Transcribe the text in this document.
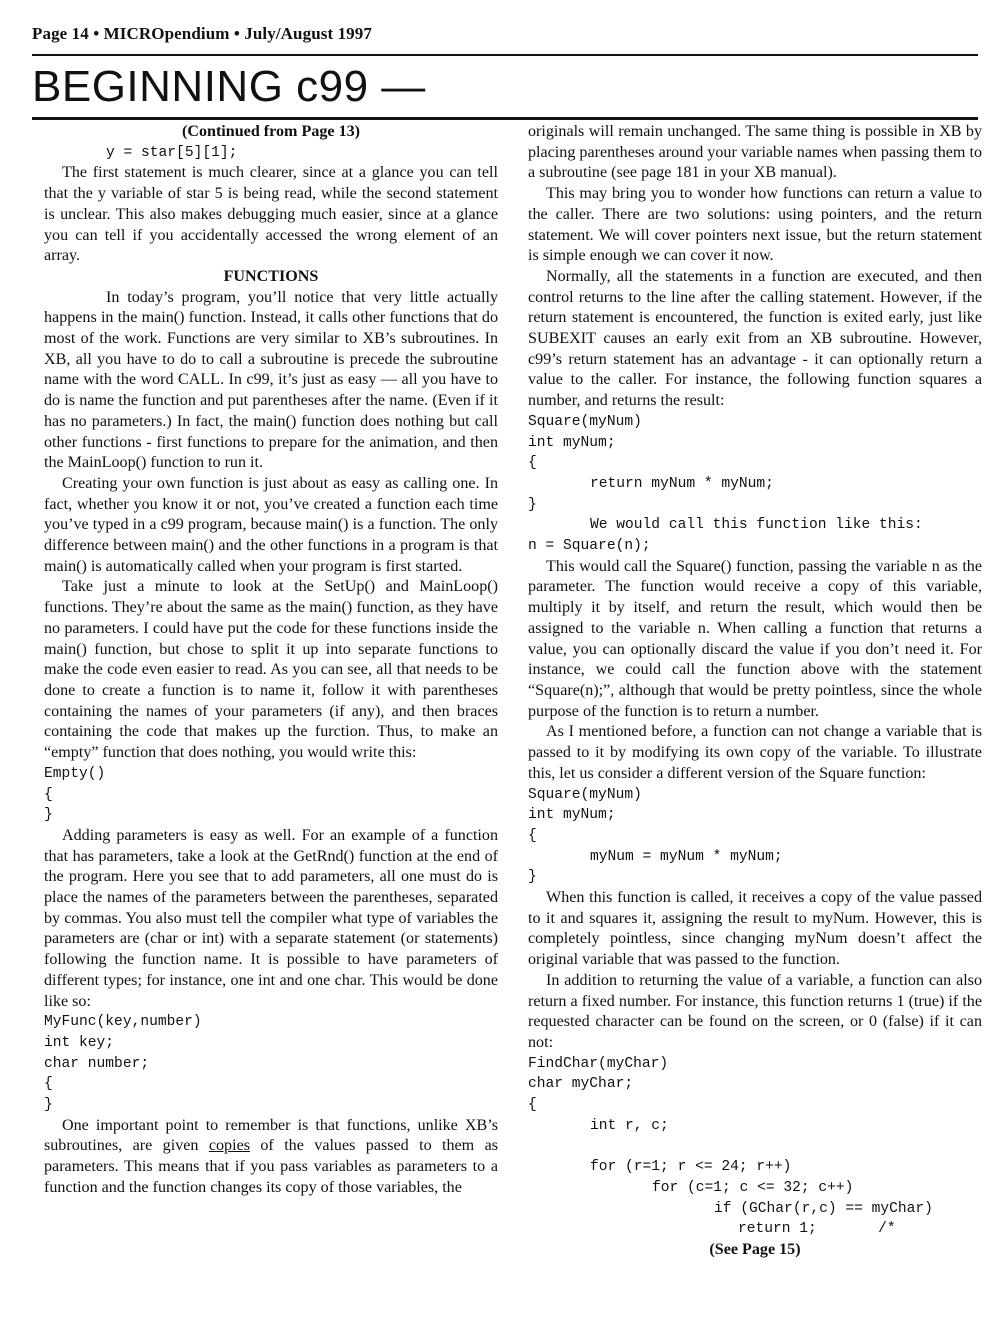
Page 14 • MICROpendium • July/August 1997
BEGINNING c99 —

(Continued from Page 13)

y = star[5][1];

The first statement is much clearer, since at a glance you can tell that the y variable of star 5 is being read, while the second statement is unclear. This also makes debugging much easier, since at a glance you can tell if you accidentally accessed the wrong element of an array.

FUNCTIONS

In today’s program, you’ll notice that very little actually happens in the main() function. Instead, it calls other functions that do most of the work. Functions are very similar to XB’s subroutines. In XB, all you have to do to call a subroutine is precede the subroutine name with the word CALL. In c99, it’s just as easy — all you have to do is name the function and put parentheses after the name. (Even if it has no parameters.) In fact, the main() function does nothing but call other functions - first functions to prepare for the animation, and then the MainLoop() function to run it.

Creating your own function is just about as easy as calling one. In fact, whether you know it or not, you’ve created a function each time you’ve typed in a c99 program, because main() is a function. The only difference between main() and the other functions in a program is that main() is automatically called when your program is first started.

Take just a minute to look at the SetUp() and MainLoop() functions. They’re about the same as the main() function, as they have no parameters. I could have put the code for these functions inside the main() function, but chose to split it up into separate functions to make the code even easier to read. As you can see, all that needs to be done to create a function is to name it, follow it with parentheses containing the names of your parameters (if any), and then braces containing the code that makes up the furction. Thus, to make an “empty” function that does nothing, you would write this:

Empty()
{
}

Adding parameters is easy as well. For an example of a function that has parameters, take a look at the GetRnd() function at the end of the program. Here you see that to add parameters, all one must do is place the names of the parameters between the parentheses, separated by commas. You also must tell the compiler what type of variables the parameters are (char or int) with a separate statement (or statements) following the function name. It is possible to have parameters of different types; for instance, one int and one char. This would be done like so:

MyFunc(key,number)
int key;
char number;
{
}

One important point to remember is that functions, unlike XB’s subroutines, are given copies of the values passed to them as parameters. This means that if you pass variables as parameters to a function and the function changes its copy of those variables, the

originals will remain unchanged. The same thing is possible in XB by placing parentheses around your variable names when passing them to a subroutine (see page 181 in your XB manual).

This may bring you to wonder how functions can return a value to the caller. There are two solutions: using pointers, and the return statement. We will cover pointers next issue, but the return statement is simple enough we can cover it now.

Normally, all the statements in a function are executed, and then control returns to the line after the calling statement. However, if the return statement is encountered, the function is exited early, just like SUBEXIT causes an early exit from an XB subroutine. However, c99’s return statement has an advantage - it can optionally return a value to the caller. For instance, the following function squares a number, and returns the result:

Square(myNum)
int myNum;
{
return myNum * myNum;
}
We would call this function like this:
n = Square(n);

This would call the Square() function, passing the variable n as the parameter. The function would receive a copy of this variable, multiply it by itself, and return the result, which would then be assigned to the variable n. When calling a function that returns a value, you can optionally discard the value if you don’t need it. For instance, we could call the function above with the statement “Square(n);”, although that would be pretty pointless, since the whole purpose of the function is to return a number.

As I mentioned before, a function can not change a variable that is passed to it by modifying its own copy of the variable. To illustrate this, let us consider a different version of the Square function:

Square(myNum)
int myNum;
{
myNum = myNum * myNum;
}

When this function is called, it receives a copy of the value passed to it and squares it, assigning the result to myNum. However, this is completely pointless, since changing myNum doesn’t affect the original variable that was passed to the function.

In addition to returning the value of a variable, a function can also return a fixed number. For instance, this function returns 1 (true) if the requested character can be found on the screen, or 0 (false) if it can not:

FindChar(myChar)
char myChar;
{
int r, c;
for (r=1; r <= 24; r++)
for (c=1; c <= 32; c++)
if (GChar(r,c) == myChar)
return 1;       /*

(See Page 15)
